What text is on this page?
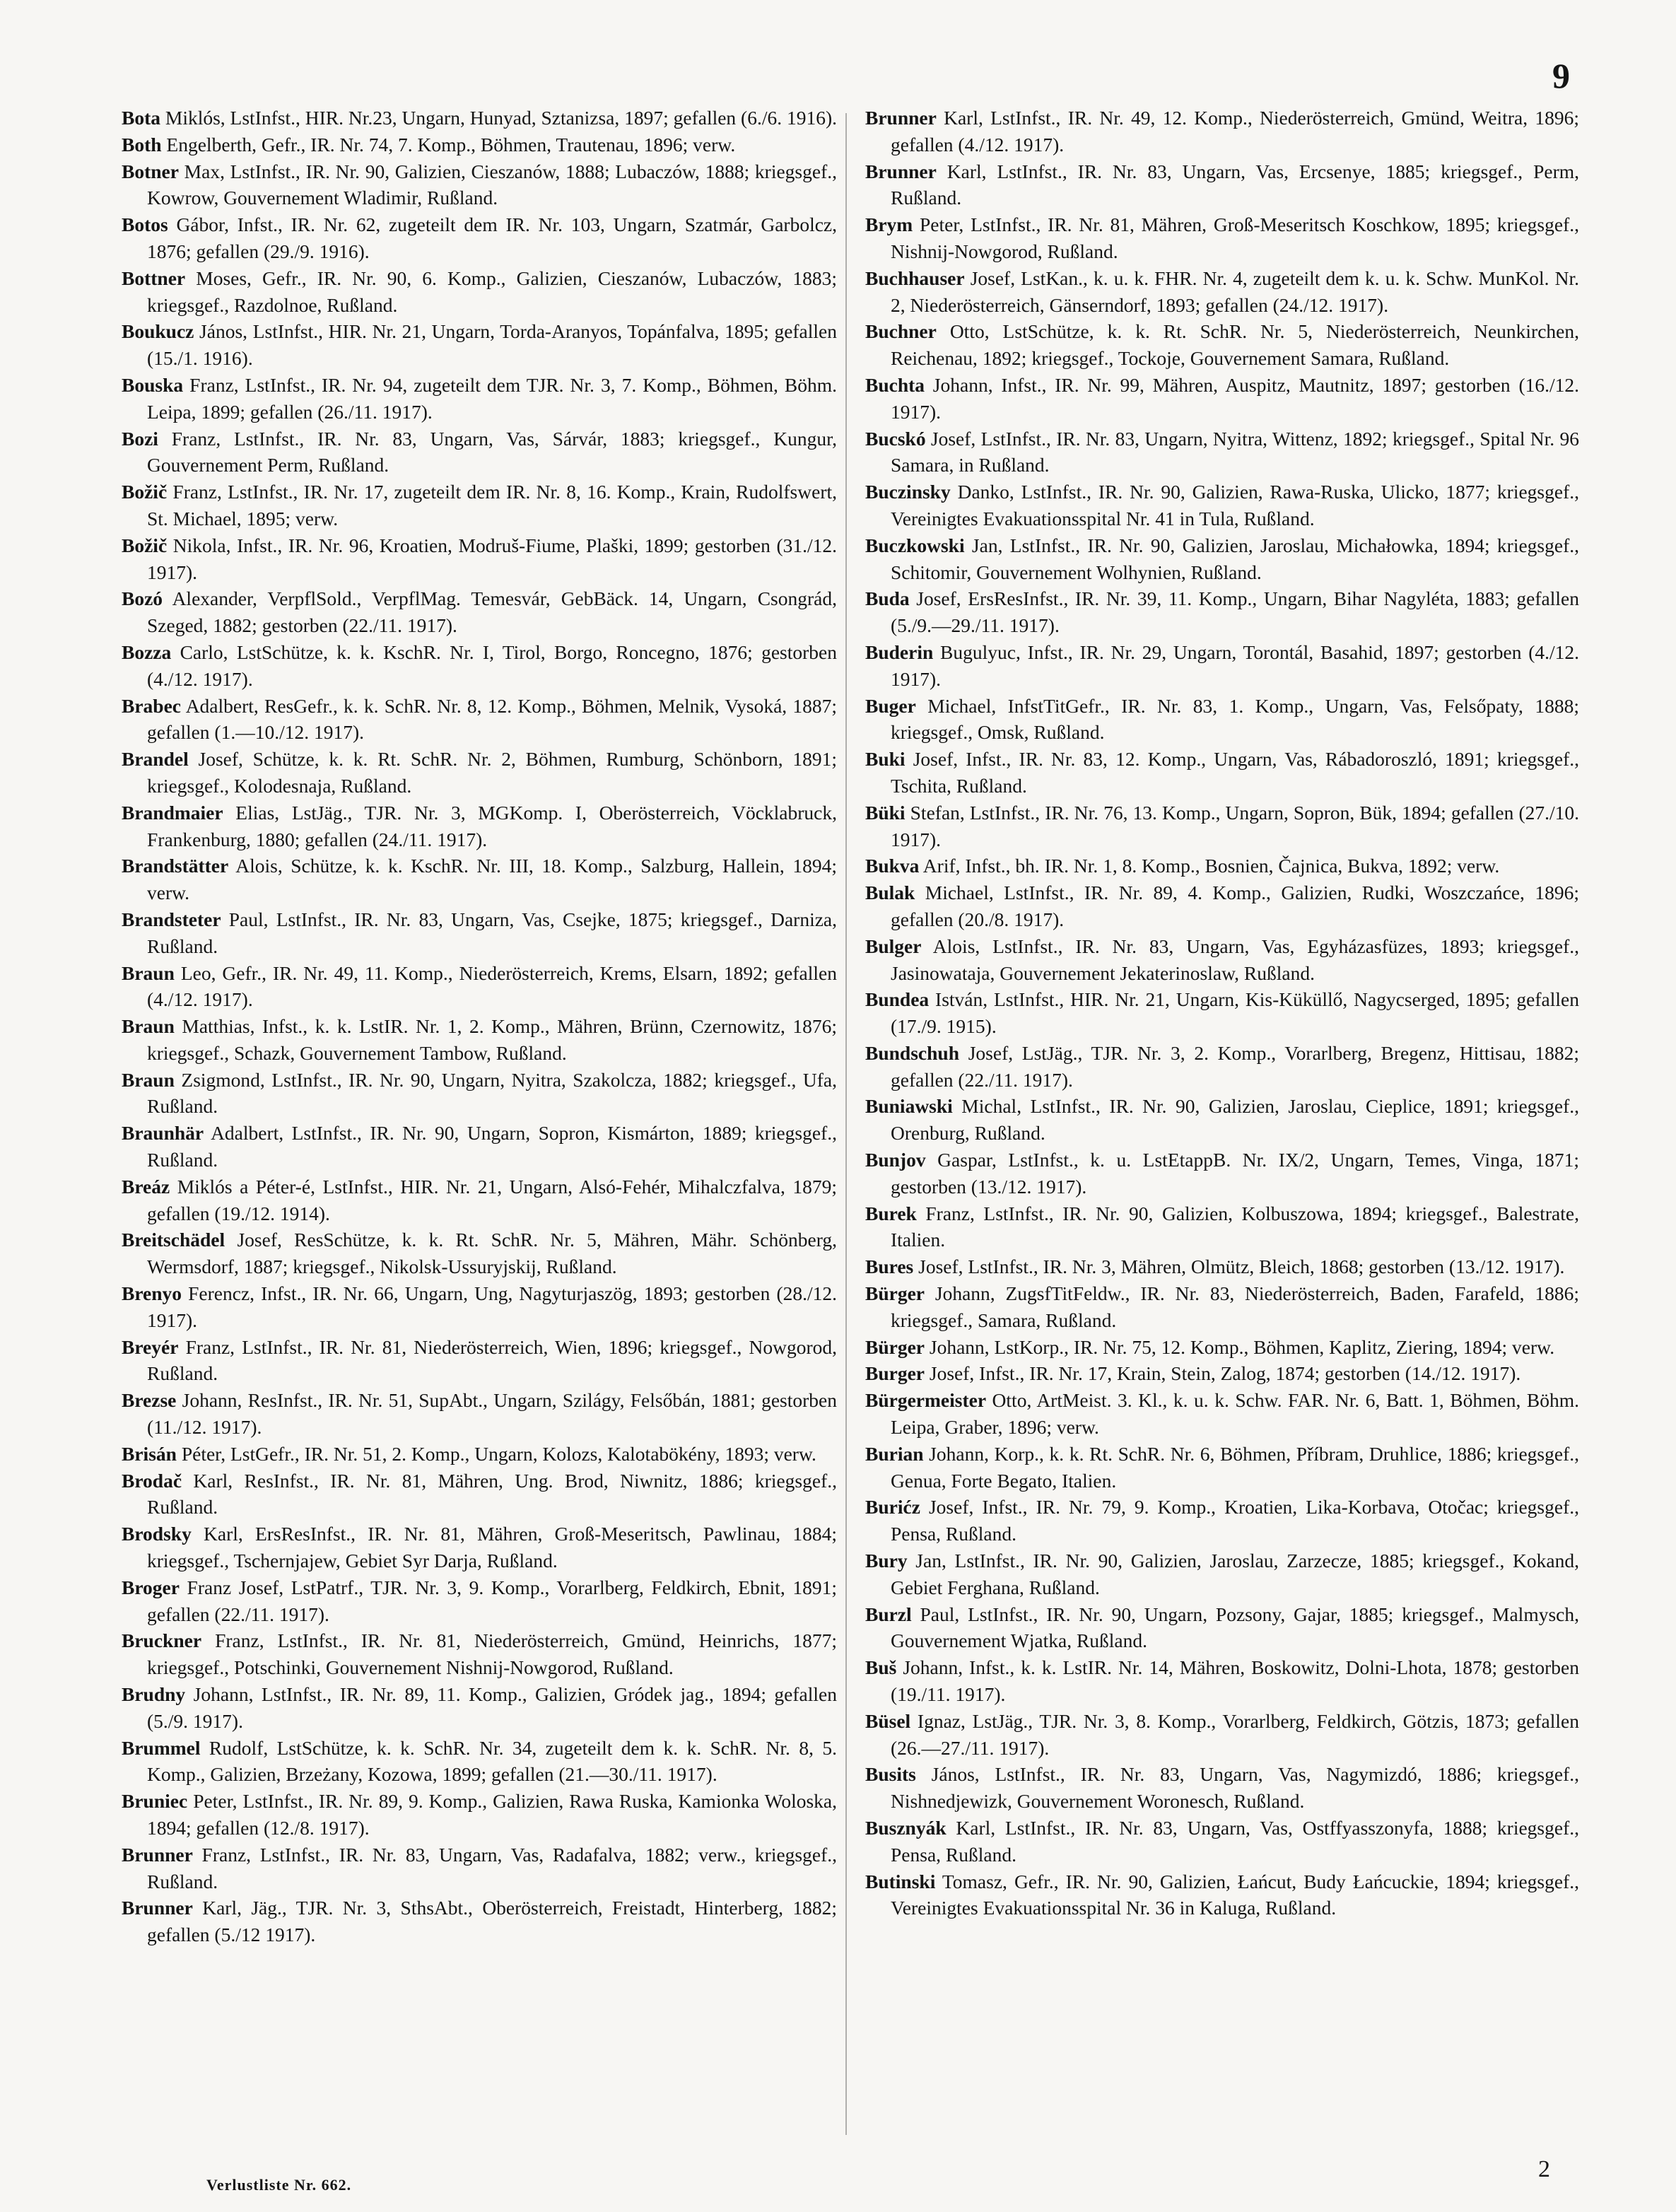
9

Bota Miklós, LstInfst., HIR. Nr.23, Ungarn, Hunyad, Sztanizsa, 1897; gefallen (6./6. 1916).

Both Engelberth, Gefr., IR. Nr. 74, 7. Komp., Böhmen, Trautenau, 1896; verw.

Botner Max, LstInfst., IR. Nr. 90, Galizien, Cieszanów, 1888; Lubaczów, 1888; kriegsgef., Kowrow, Gouvernement Wladimir, Rußland.

Botos Gábor, Infst., IR. Nr. 62, zugeteilt dem IR. Nr. 103, Ungarn, Szatmár, Garbolcz, 1876; gefallen (29./9. 1916).

Bottner Moses, Gefr., IR. Nr. 90, 6. Komp., Galizien, Cieszanów, Lubaczów, 1883; kriegsgef., Razdolnoe, Rußland.

Boukucz János, LstInfst., HIR. Nr. 21, Ungarn, Torda-Aranyos, Topánfalva, 1895; gefallen (15./1. 1916).

Bouska Franz, LstInfst., IR. Nr. 94, zugeteilt dem TJR. Nr. 3, 7. Komp., Böhmen, Böhm. Leipa, 1899; gefallen (26./11. 1917).

Bozi Franz, LstInfst., IR. Nr. 83, Ungarn, Vas, Sárvár, 1883; kriegsgef., Kungur, Gouvernement Perm, Rußland.

Božič Franz, LstInfst., IR. Nr. 17, zugeteilt dem IR. Nr. 8, 16. Komp., Krain, Rudolfswert, St. Michael, 1895; verw.

Božič Nikola, Infst., IR. Nr. 96, Kroatien, Modruš-Fiume, Plaški, 1899; gestorben (31./12. 1917).

Bozó Alexander, VerpflSold., VerpflMag. Temesvár, GebBäck. 14, Ungarn, Csongrád, Szeged, 1882; gestorben (22./11. 1917).

Bozza Carlo, LstSchütze, k. k. KschR. Nr. I, Tirol, Borgo, Roncegno, 1876; gestorben (4./12. 1917).

Brabec Adalbert, ResGefr., k. k. SchR. Nr. 8, 12. Komp., Böhmen, Melnik, Vysoká, 1887; gefallen (1.—10./12. 1917).

Brandel Josef, Schütze, k. k. Rt. SchR. Nr. 2, Böhmen, Rumburg, Schönborn, 1891; kriegsgef., Kolodesnaja, Rußland.

Brandmaier Elias, LstJäg., TJR. Nr. 3, MGKomp. I, Oberösterreich, Vöcklabruck, Frankenburg, 1880; gefallen (24./11. 1917).

Brandstätter Alois, Schütze, k. k. KschR. Nr. III, 18. Komp., Salzburg, Hallein, 1894; verw.

Brandsteter Paul, LstInfst., IR. Nr. 83, Ungarn, Vas, Csejke, 1875; kriegsgef., Darniza, Rußland.

Braun Leo, Gefr., IR. Nr. 49, 11. Komp., Niederösterreich, Krems, Elsarn, 1892; gefallen (4./12. 1917).

Braun Matthias, Infst., k. k. LstIR. Nr. 1, 2. Komp., Mähren, Brünn, Czernowitz, 1876; kriegsgef., Schazk, Gouvernement Tambow, Rußland.

Braun Zsigmond, LstInfst., IR. Nr. 90, Ungarn, Nyitra, Szakolcza, 1882; kriegsgef., Ufa, Rußland.

Braunhär Adalbert, LstInfst., IR. Nr. 90, Ungarn, Sopron, Kismárton, 1889; kriegsgef., Rußland.

Breáz Miklós a Péter-é, LstInfst., HIR. Nr. 21, Ungarn, Alsó-Fehér, Mihalczfalva, 1879; gefallen (19./12. 1914).

Breitschädel Josef, ResSchütze, k. k. Rt. SchR. Nr. 5, Mähren, Mähr. Schönberg, Wermsdorf, 1887; kriegsgef., Nikolsk-Ussuryjskij, Rußland.

Brenyo Ferencz, Infst., IR. Nr. 66, Ungarn, Ung, Nagyturjaszög, 1893; gestorben (28./12. 1917).

Breyér Franz, LstInfst., IR. Nr. 81, Niederösterreich, Wien, 1896; kriegsgef., Nowgorod, Rußland.

Brezse Johann, ResInfst., IR. Nr. 51, SupAbt., Ungarn, Szilágy, Felsőbán, 1881; gestorben (11./12. 1917).

Brisán Péter, LstGefr., IR. Nr. 51, 2. Komp., Ungarn, Kolozs, Kalotabökény, 1893; verw.

Brodač Karl, ResInfst., IR. Nr. 81, Mähren, Ung. Brod, Niwnitz, 1886; kriegsgef., Rußland.

Brodsky Karl, ErsResInfst., IR. Nr. 81, Mähren, Groß-Meseritsch, Pawlinau, 1884; kriegsgef., Tschernjajew, Gebiet Syr Darja, Rußland.

Broger Franz Josef, LstPatrf., TJR. Nr. 3, 9. Komp., Vorarlberg, Feldkirch, Ebnit, 1891; gefallen (22./11. 1917).

Bruckner Franz, LstInfst., IR. Nr. 81, Niederösterreich, Gmünd, Heinrichs, 1877; kriegsgef., Potschinki, Gouvernement Nishnij-Nowgorod, Rußland.

Brudny Johann, LstInfst., IR. Nr. 89, 11. Komp., Galizien, Gródek jag., 1894; gefallen (5./9. 1917).

Brummel Rudolf, LstSchütze, k. k. SchR. Nr. 34, zugeteilt dem k. k. SchR. Nr. 8, 5. Komp., Galizien, Brzeżany, Kozowa, 1899; gefallen (21.—30./11. 1917).

Bruniec Peter, LstInfst., IR. Nr. 89, 9. Komp., Galizien, Rawa Ruska, Kamionka Woloska, 1894; gefallen (12./8. 1917).

Brunner Franz, LstInfst., IR. Nr. 83, Ungarn, Vas, Radafalva, 1882; verw., kriegsgef., Rußland.

Brunner Karl, Jäg., TJR. Nr. 3, SthsAbt., Oberösterreich, Freistadt, Hinterberg, 1882; gefallen (5./12 1917).

Brunner Karl, LstInfst., IR. Nr. 49, 12. Komp., Niederösterreich, Gmünd, Weitra, 1896; gefallen (4./12. 1917).

Brunner Karl, LstInfst., IR. Nr. 83, Ungarn, Vas, Ercsenye, 1885; kriegsgef., Perm, Rußland.

Brym Peter, LstInfst., IR. Nr. 81, Mähren, Groß-Meseritsch Koschkow, 1895; kriegsgef., Nishnij-Nowgorod, Rußland.

Buchhauser Josef, LstKan., k. u. k. FHR. Nr. 4, zugeteilt dem k. u. k. Schw. MunKol. Nr. 2, Niederösterreich, Gänserndorf, 1893; gefallen (24./12. 1917).

Buchner Otto, LstSchütze, k. k. Rt. SchR. Nr. 5, Niederösterreich, Neunkirchen, Reichenau, 1892; kriegsgef., Tockoje, Gouvernement Samara, Rußland.

Buchta Johann, Infst., IR. Nr. 99, Mähren, Auspitz, Mautnitz, 1897; gestorben (16./12. 1917).

Bucskó Josef, LstInfst., IR. Nr. 83, Ungarn, Nyitra, Wittenz, 1892; kriegsgef., Spital Nr. 96 Samara, in Rußland.

Buczinsky Danko, LstInfst., IR. Nr. 90, Galizien, Rawa-Ruska, Ulicko, 1877; kriegsgef., Vereinigtes Evakuationsspital Nr. 41 in Tula, Rußland.

Buczkowski Jan, LstInfst., IR. Nr. 90, Galizien, Jaroslau, Michałowka, 1894; kriegsgef., Schitomir, Gouvernement Wolhynien, Rußland.

Buda Josef, ErsResInfst., IR. Nr. 39, 11. Komp., Ungarn, Bihar Nagyléta, 1883; gefallen (5./9.—29./11. 1917).

Buderin Bugulyuc, Infst., IR. Nr. 29, Ungarn, Torontál, Basahid, 1897; gestorben (4./12. 1917).

Buger Michael, InfstTitGefr., IR. Nr. 83, 1. Komp., Ungarn, Vas, Felsőpaty, 1888; kriegsgef., Omsk, Rußland.

Buki Josef, Infst., IR. Nr. 83, 12. Komp., Ungarn, Vas, Rábadoroszló, 1891; kriegsgef., Tschita, Rußland.

Büki Stefan, LstInfst., IR. Nr. 76, 13. Komp., Ungarn, Sopron, Bük, 1894; gefallen (27./10. 1917).

Bukva Arif, Infst., bh. IR. Nr. 1, 8. Komp., Bosnien, Čajnica, Bukva, 1892; verw.

Bulak Michael, LstInfst., IR. Nr. 89, 4. Komp., Galizien, Rudki, Woszczańce, 1896; gefallen (20./8. 1917).

Bulger Alois, LstInfst., IR. Nr. 83, Ungarn, Vas, Egyházasfüzes, 1893; kriegsgef., Jasinowataja, Gouvernement Jekaterinoslaw, Rußland.

Bundea István, LstInfst., HIR. Nr. 21, Ungarn, Kis-Küküllő, Nagycserged, 1895; gefallen (17./9. 1915).

Bundschuh Josef, LstJäg., TJR. Nr. 3, 2. Komp., Vorarlberg, Bregenz, Hittisau, 1882; gefallen (22./11. 1917).

Buniawski Michal, LstInfst., IR. Nr. 90, Galizien, Jaroslau, Cieplice, 1891; kriegsgef., Orenburg, Rußland.

Bunjov Gaspar, LstInfst., k. u. LstEtappB. Nr. IX/2, Ungarn, Temes, Vinga, 1871; gestorben (13./12. 1917).

Burek Franz, LstInfst., IR. Nr. 90, Galizien, Kolbuszowa, 1894; kriegsgef., Balestrate, Italien.

Bures Josef, LstInfst., IR. Nr. 3, Mähren, Olmütz, Bleich, 1868; gestorben (13./12. 1917).

Bürger Johann, ZugsfTitFeldw., IR. Nr. 83, Niederösterreich, Baden, Farafeld, 1886; kriegsgef., Samara, Rußland.

Bürger Johann, LstKorp., IR. Nr. 75, 12. Komp., Böhmen, Kaplitz, Ziering, 1894; verw.

Burger Josef, Infst., IR. Nr. 17, Krain, Stein, Zalog, 1874; gestorben (14./12. 1917).

Bürgermeister Otto, ArtMeist. 3. Kl., k. u. k. Schw. FAR. Nr. 6, Batt. 1, Böhmen, Böhm. Leipa, Graber, 1896; verw.

Burian Johann, Korp., k. k. Rt. SchR. Nr. 6, Böhmen, Příbram, Druhlice, 1886; kriegsgef., Genua, Forte Begato, Italien.

Burićz Josef, Infst., IR. Nr. 79, 9. Komp., Kroatien, Lika-Korbava, Otočac; kriegsgef., Pensa, Rußland.

Bury Jan, LstInfst., IR. Nr. 90, Galizien, Jaroslau, Zarzecze, 1885; kriegsgef., Kokand, Gebiet Ferghana, Rußland.

Burzl Paul, LstInfst., IR. Nr. 90, Ungarn, Pozsony, Gajar, 1885; kriegsgef., Malmysch, Gouvernement Wjatka, Rußland.

Buš Johann, Infst., k. k. LstIR. Nr. 14, Mähren, Boskowitz, Dolni-Lhota, 1878; gestorben (19./11. 1917).

Büsel Ignaz, LstJäg., TJR. Nr. 3, 8. Komp., Vorarlberg, Feldkirch, Götzis, 1873; gefallen (26.—27./11. 1917).

Busits János, LstInfst., IR. Nr. 83, Ungarn, Vas, Nagymizdó, 1886; kriegsgef., Nishnedjewizk, Gouvernement Woronesch, Rußland.

Busznyák Karl, LstInfst., IR. Nr. 83, Ungarn, Vas, Ostffyasszonyfa, 1888; kriegsgef., Pensa, Rußland.

Butinski Tomasz, Gefr., IR. Nr. 90, Galizien, Łańcut, Budy Łańcuckie, 1894; kriegsgef., Vereinigtes Evakuationsspital Nr. 36 in Kaluga, Rußland.

Verlustliste Nr. 662.
2
